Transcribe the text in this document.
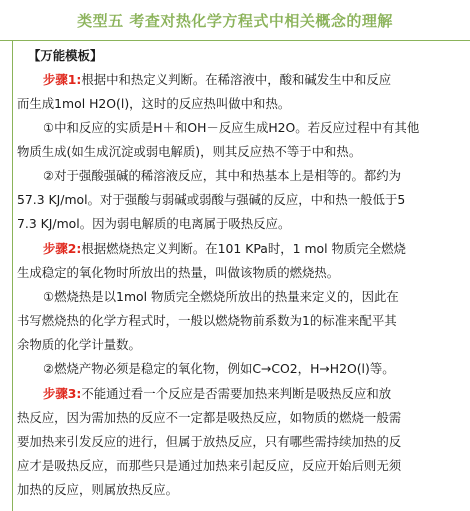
类型五 考查对热化学方程式中相关概念的理解
【万能模板】
步骤1:根据中和热定义判断。在稀溶液中，酸和碱发生中和反应
而生成1mol H2O(l)，这时的反应热叫做中和热。
①中和反应的实质是H＋和OH－反应生成H2O。若反应过程中有其他
物质生成(如生成沉淀或弱电解质)，则其反应热不等于中和热。
②对于强酸强碱的稀溶液反应，其中和热基本上是相等的。都约为
57.3 KJ/mol。对于强酸与弱碱或弱酸与强碱的反应，中和热一般低于5
7.3 KJ/mol。因为弱电解质的电离属于吸热反应。
步骤2:根据燃烧热定义判断。在101 KPa时，1 mol 物质完全燃烧
生成稳定的氧化物时所放出的热量，叫做该物质的燃烧热。
①燃烧热是以1mol 物质完全燃烧所放出的热量来定义的，因此在
书写燃烧热的化学方程式时，一般以燃烧物前系数为1的标准来配平其
余物质的化学计量数。
②燃烧产物必须是稳定的氧化物，例如C→CO2，H→H2O(l)等。
步骤3:不能通过看一个反应是否需要加热来判断是吸热反应和放
热反应，因为需加热的反应不一定都是吸热反应，如物质的燃烧一般需
要加热来引发反应的进行，但属于放热反应，只有哪些需持续加热的反
应才是吸热反应，而那些只是通过加热来引起反应，反应开始后则无须
加热的反应，则属放热反应。
